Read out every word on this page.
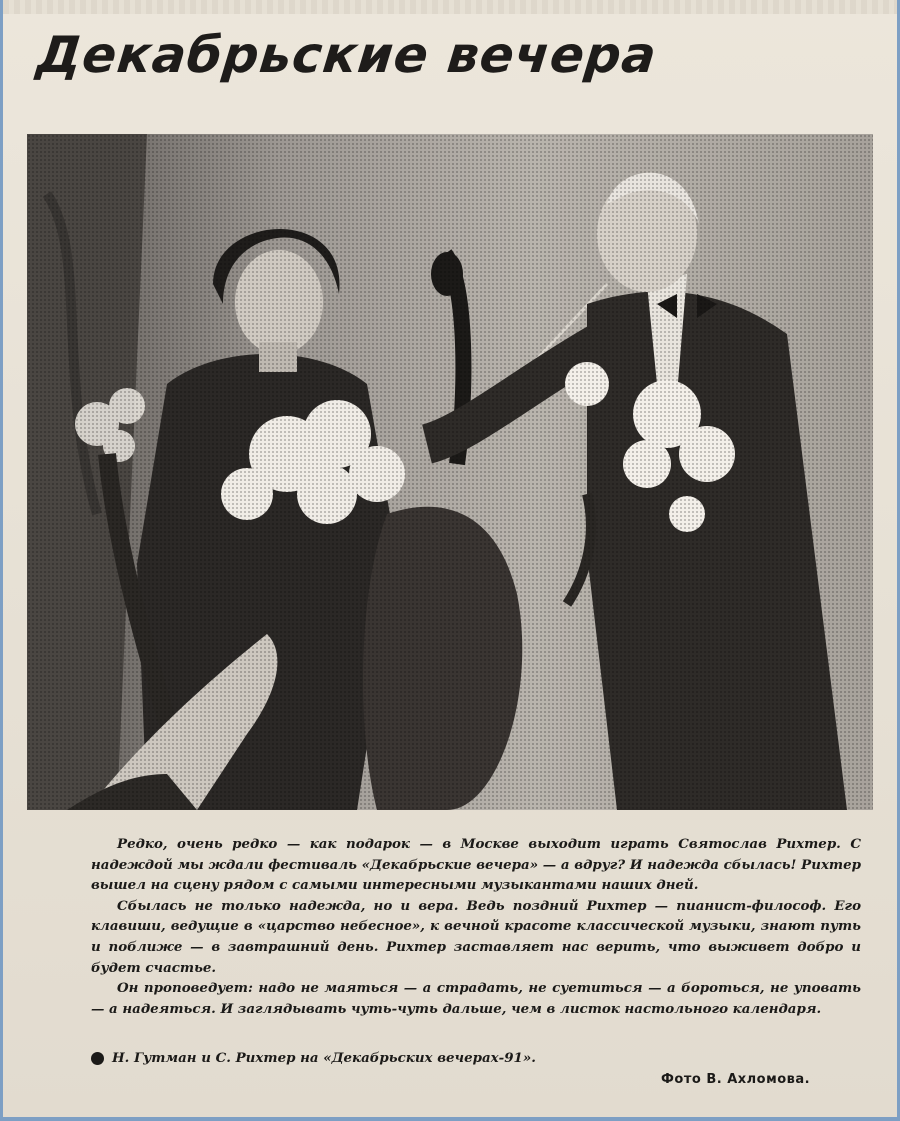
Декабрьские вечера

Редко, очень редко — как подарок — в Москве выходит играть Святослав Рихтер. С надеждой мы ждали фестиваль «Декабрьские вечера» — а вдруг? И надежда сбылась! Рихтер вышел на сцену рядом с самыми интересными музыкантами наших дней.

Сбылась не только надежда, но и вера. Ведь поздний Рихтер — пианист-философ. Его клавиши, ведущие в «царство небесное», к вечной красоте классической музыки, знают путь и поближе — в завтрашний день. Рихтер заставляет нас верить, что выживет добро и будет счастье.

Он проповедует: надо не маяться — а страдать, не суетиться — а бороться, не уповать — а надеяться. И заглядывать чуть-чуть дальше, чем в листок настольного календаря.

Н. Гутман и С. Рихтер на «Декабрьских вечерах-91».
Фото В. Ахломова.
